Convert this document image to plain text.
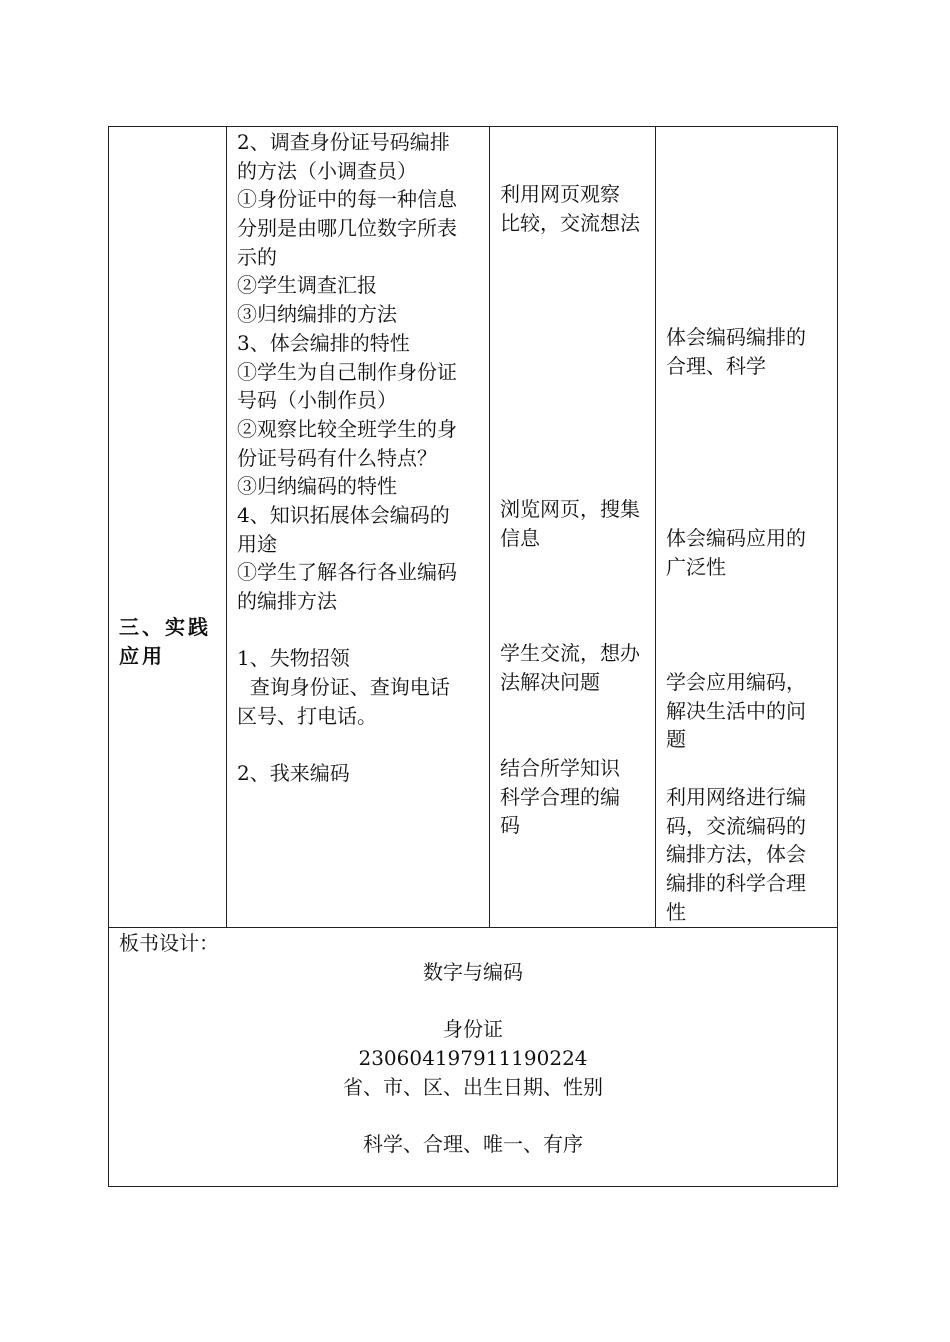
三、实践
应用
2、调查身份证号码编排
的方法（小调查员）
①身份证中的每一种信息
分别是由哪几位数字所表
示的
②学生调查汇报
③归纳编排的方法
3、体会编排的特性
①学生为自己制作身份证
号码（小制作员）
②观察比较全班学生的身
份证号码有什么特点？
③归纳编码的特性
4、知识拓展体会编码的
用途
①学生了解各行各业编码
的编排方法
1、失物招领
查询身份证、查询电话
区号、打电话。
2、我来编码
利用网页观察
比较，交流想法
浏览网页，搜集
信息
学生交流，想办
法解决问题
结合所学知识
科学合理的编
码
体会编码编排的
合理、科学
体会编码应用的
广泛性
学会应用编码，
解决生活中的问
题
利用网络进行编
码，交流编码的
编排方法，体会
编排的科学合理
性
板书设计：
数字与编码
身份证
230604197911190224
省、市、区、出生日期、性别
科学、合理、唯一、有序
